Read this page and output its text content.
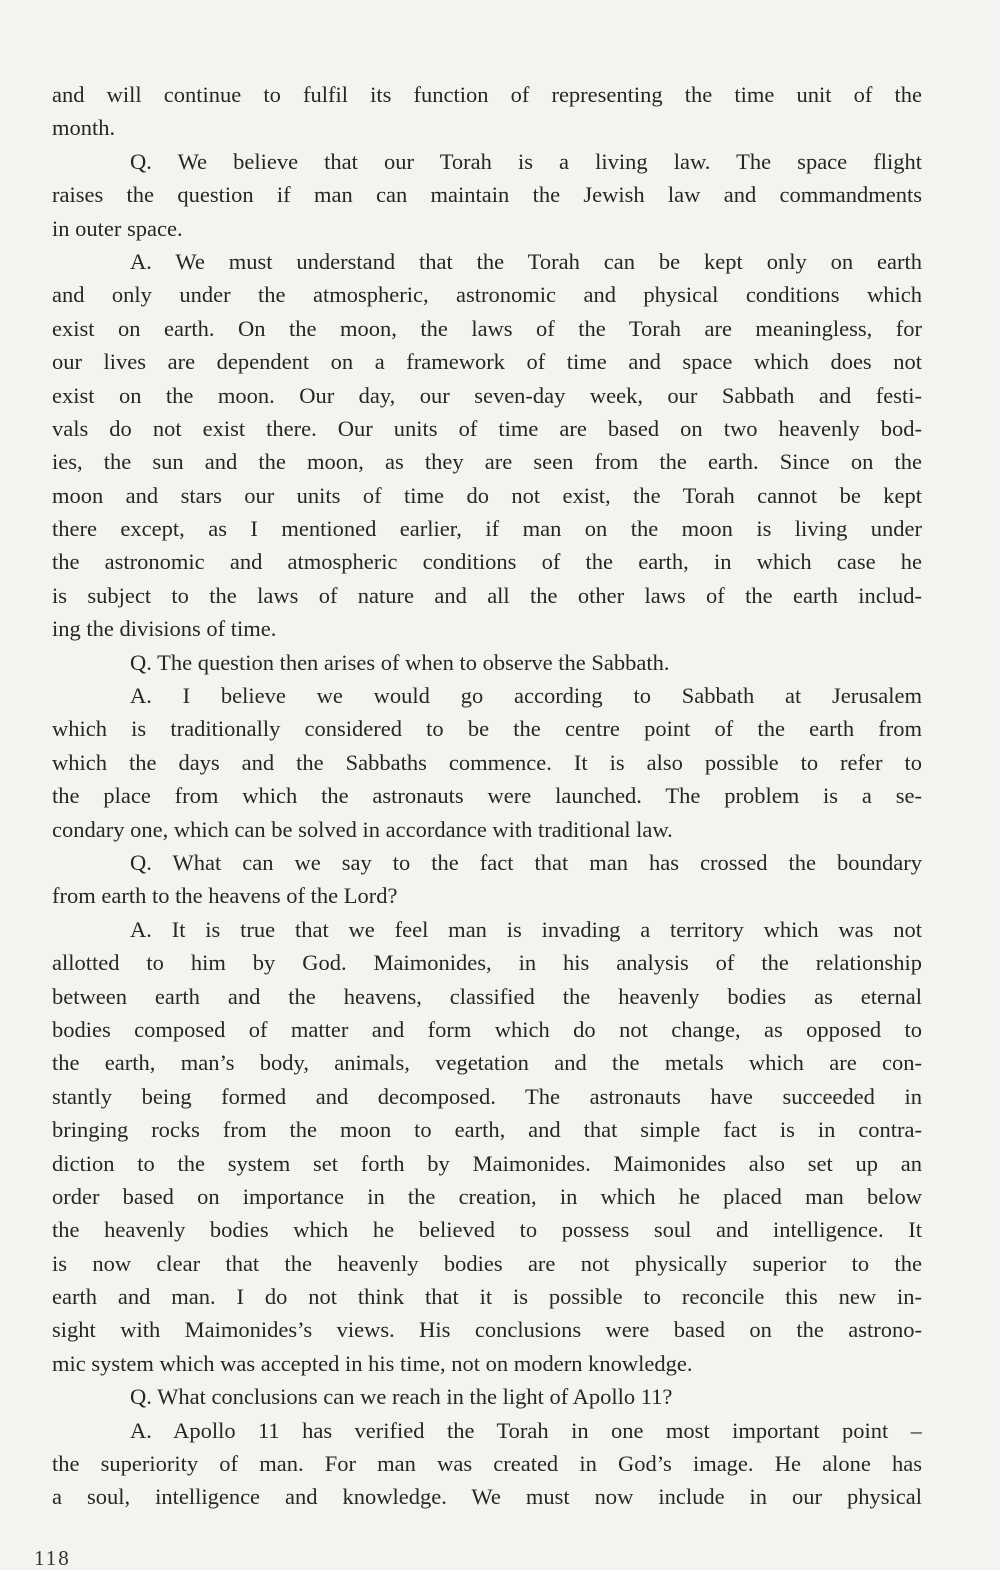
and will continue to fulfil its function of representing the time unit of the
month.
Q. We believe that our Torah is a living law. The space flight
raises the question if man can maintain the Jewish law and commandments
in outer space.
A. We must understand that the Torah can be kept only on earth
and only under the atmospheric, astronomic and physical conditions which
exist on earth. On the moon, the laws of the Torah are meaningless, for
our lives are dependent on a framework of time and space which does not
exist on the moon. Our day, our seven-day week, our Sabbath and festi-
vals do not exist there. Our units of time are based on two heavenly bod-
ies, the sun and the moon, as they are seen from the earth. Since on the
moon and stars our units of time do not exist, the Torah cannot be kept
there except, as I mentioned earlier, if man on the moon is living under
the astronomic and atmospheric conditions of the earth, in which case he
is subject to the laws of nature and all the other laws of the earth includ-
ing the divisions of time.
Q. The question then arises of when to observe the Sabbath.
A. I believe we would go according to Sabbath at Jerusalem
which is traditionally considered to be the centre point of the earth from
which the days and the Sabbaths commence. It is also possible to refer to
the place from which the astronauts were launched. The problem is a se-
condary one, which can be solved in accordance with traditional law.
Q. What can we say to the fact that man has crossed the boundary
from earth to the heavens of the Lord?
A. It is true that we feel man is invading a territory which was not
allotted to him by God. Maimonides, in his analysis of the relationship
between earth and the heavens, classified the heavenly bodies as eternal
bodies composed of matter and form which do not change, as opposed to
the earth, man’s body, animals, vegetation and the metals which are con-
stantly being formed and decomposed. The astronauts have succeeded in
bringing rocks from the moon to earth, and that simple fact is in contra-
diction to the system set forth by Maimonides. Maimonides also set up an
order based on importance in the creation, in which he placed man below
the heavenly bodies which he believed to possess soul and intelligence. It
is now clear that the heavenly bodies are not physically superior to the
earth and man. I do not think that it is possible to reconcile this new in-
sight with Maimonides’s views. His conclusions were based on the astrono-
mic system which was accepted in his time, not on modern knowledge.
Q. What conclusions can we reach in the light of Apollo 11?
A. Apollo 11 has verified the Torah in one most important point –
the superiority of man. For man was created in God’s image. He alone has
a soul, intelligence and knowledge. We must now include in our physical
118
